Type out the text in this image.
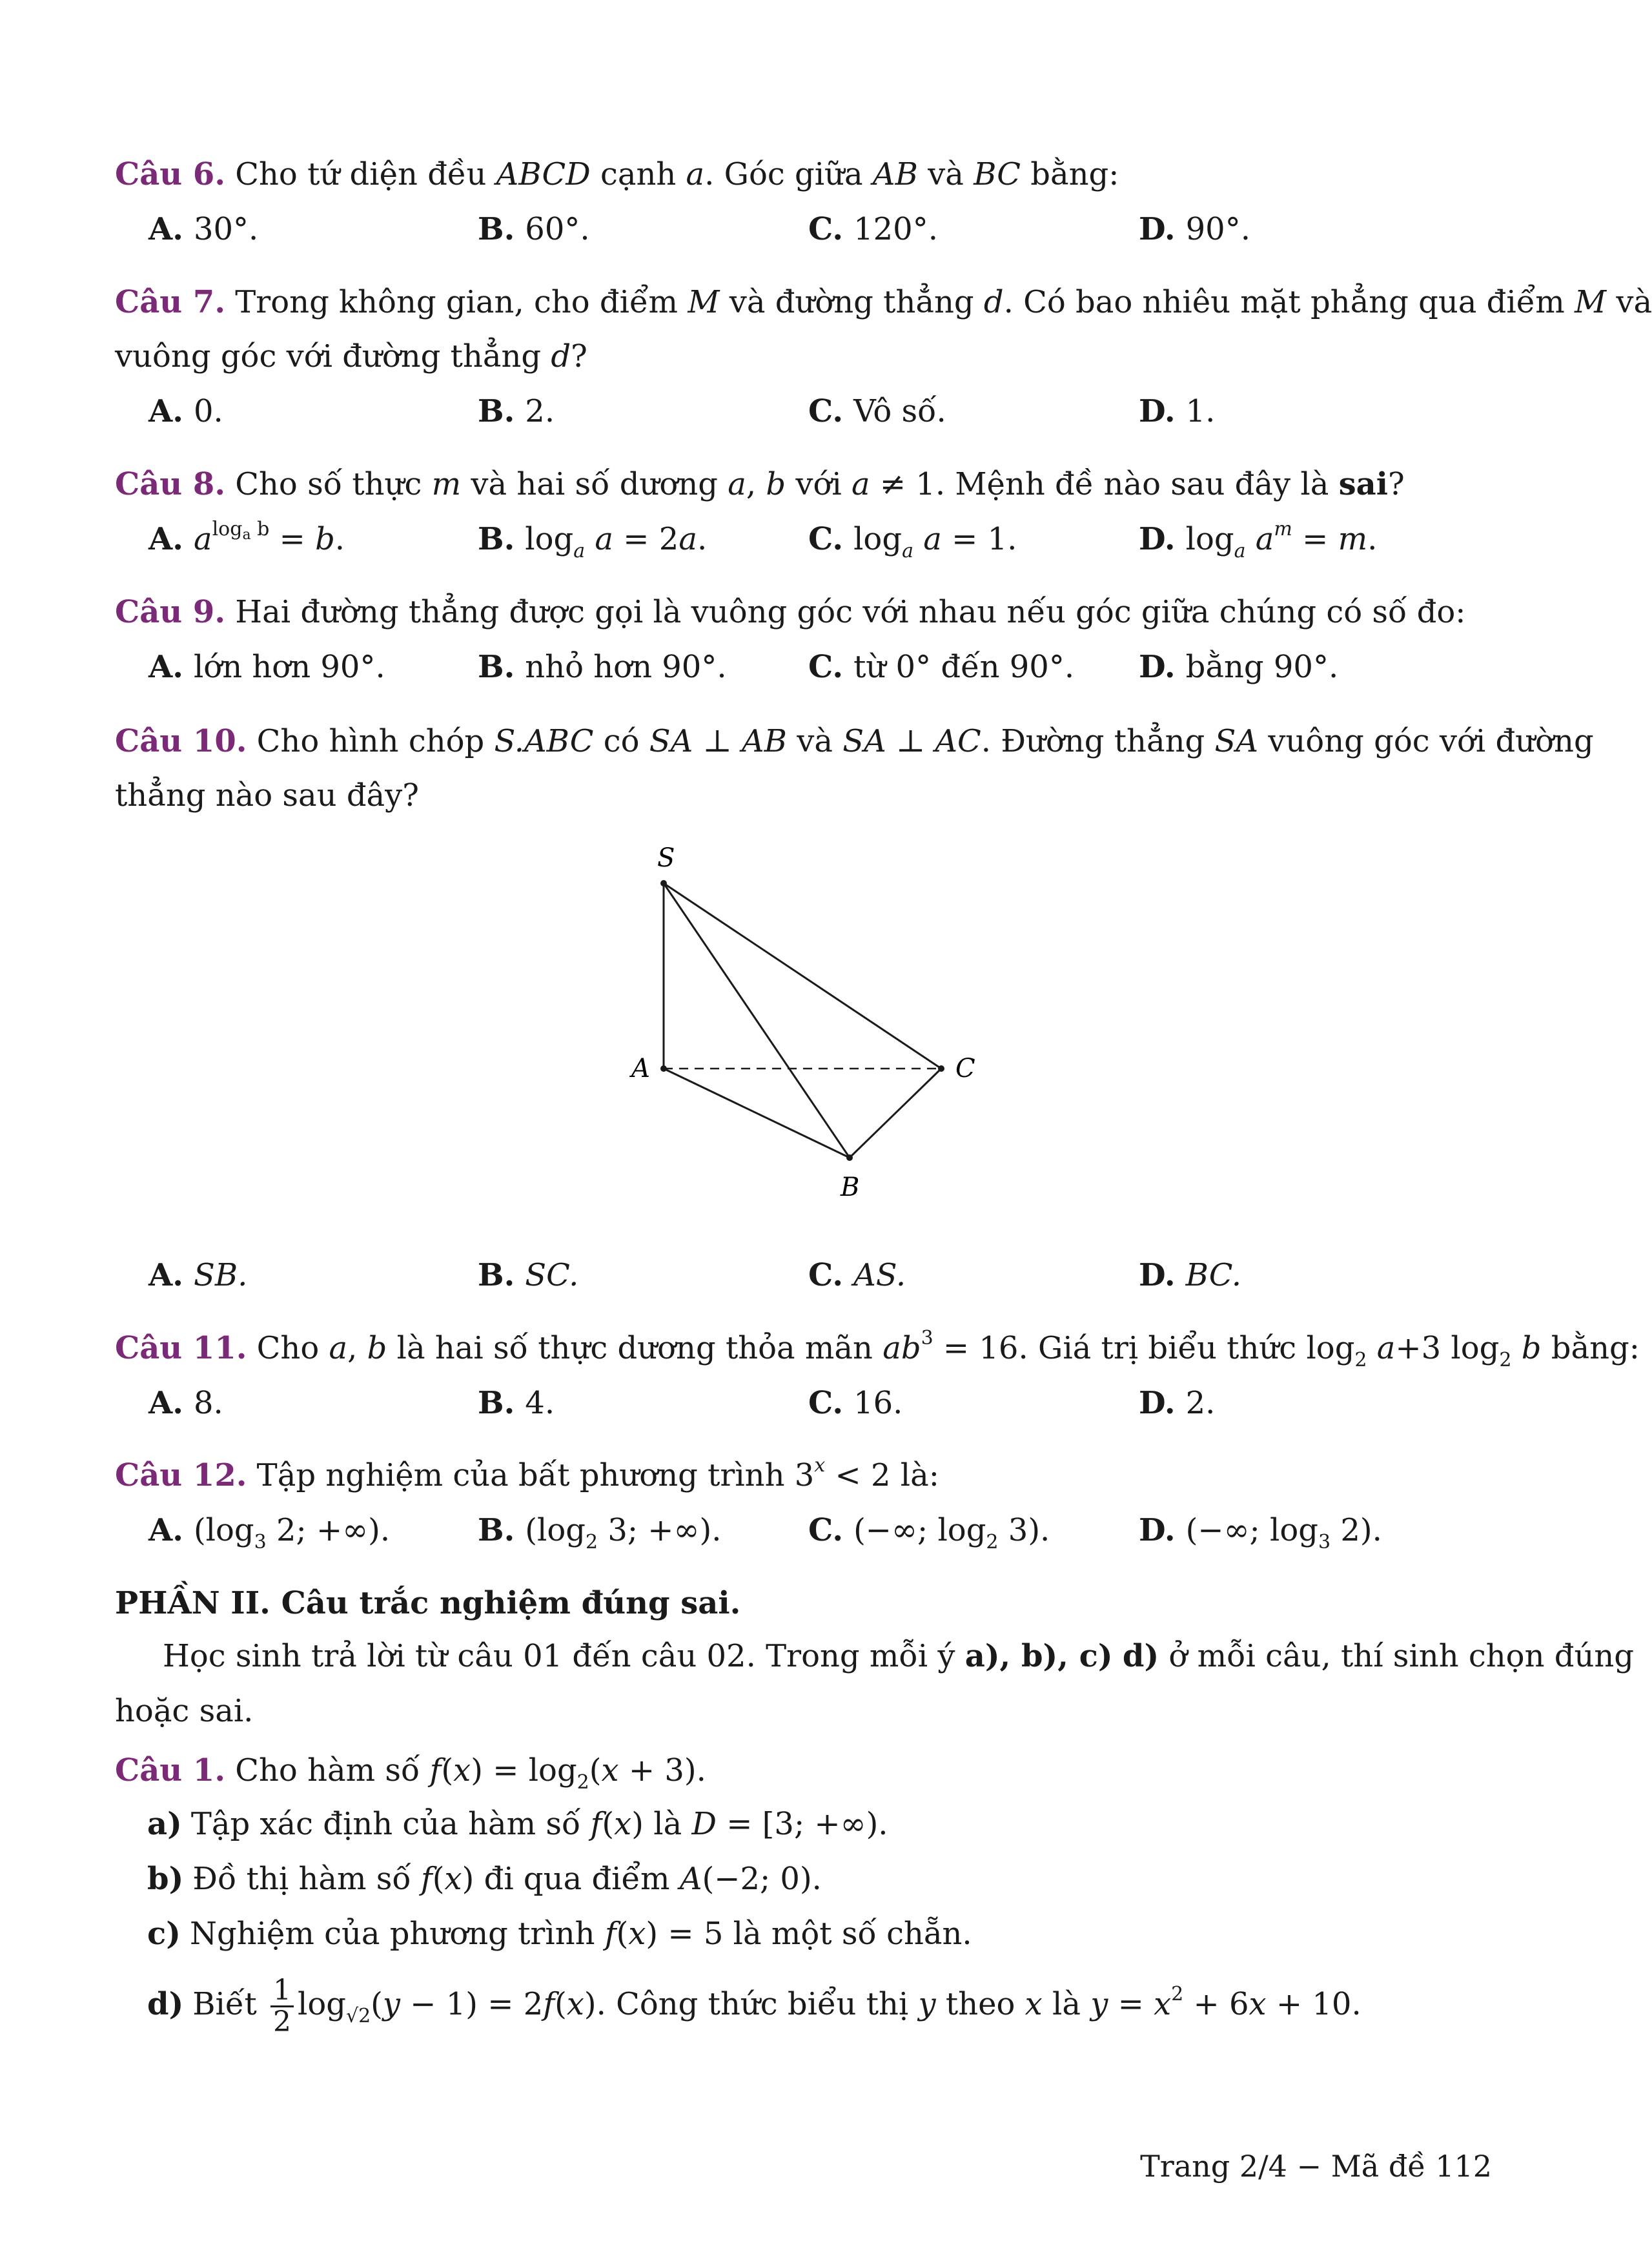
Câu 6. Cho tứ diện đều ABCD cạnh a. Góc giữa AB và BC bằng:
A. 30°.	B. 60°.	C. 120°.	D. 90°.
Câu 7. Trong không gian, cho điểm M và đường thẳng d. Có bao nhiêu mặt phẳng qua điểm M và
vuông góc với đường thẳng d?
A. 0.	B. 2.	C. Vô số.	D. 1.
Câu 8. Cho số thực m và hai số dương a, b với a ≠ 1. Mệnh đề nào sau đây là sai?
A. $a^{log_a b} = b$.	B. $\log_a a = 2a$.	C. $\log_a a = 1$.	D. $\log_a a^m = m$.
Câu 9. Hai đường thẳng được gọi là vuông góc với nhau nếu góc giữa chúng có số đo:
A. lớn hơn 90°.	B. nhỏ hơn 90°.	C. từ 0° đến 90°. D. bằng 90°.
Câu 10. Cho hình chóp S.ABC có SA ⊥ AB và SA ⊥ AC. Đường thẳng SA vuông góc với đường
thẳng nào sau đây?
S
A	C
B
A. SB.	B. SC.	C. AS.	D. BC.
Câu 11. Cho a, b là hai số thực dương thỏa mãn $ab^3 = 16$. Giá trị biểu thức $\log_2 a+3$ $\log_2 b$ bằng:
A. 8.	B. 4.	C. 16.	D. 2.
Câu 12. Tập nghiệm của bất phương trình $3^x < 2$ là:
A. ($\log_3$ 2; +∞).	B. ($\log_2$ 3; +∞).	C. (−∞; $\log_2 3$).	D. (−∞; $\log_3 2$).
PHẦN II. Câu trắc nghiệm đúng sai.
Học sinh trả lời từ câu 01 đến câu 02. Trong mỗi ý a), b), c) d) ở mỗi câu, thí sinh chọn đúng
hoặc sai.
Câu 1. Cho hàm số $f(x) = \log_2(x + 3)$.
a) Tập xác định của hàm số f(x) là D = [3; +∞).
b) Đồ thị hàm số f(x) đi qua điểm A(−2; 0).
c) Nghiệm của phương trình f(x) = 5 là một số chẵn.
d) Biết $\frac{1}{2} \log_{√2}(y - 1) = 2f(x)$. Công thức biểu thị y theo x là $y = x^2 + 6x + 10$.
Trang 2/4 − Mã đề 112
